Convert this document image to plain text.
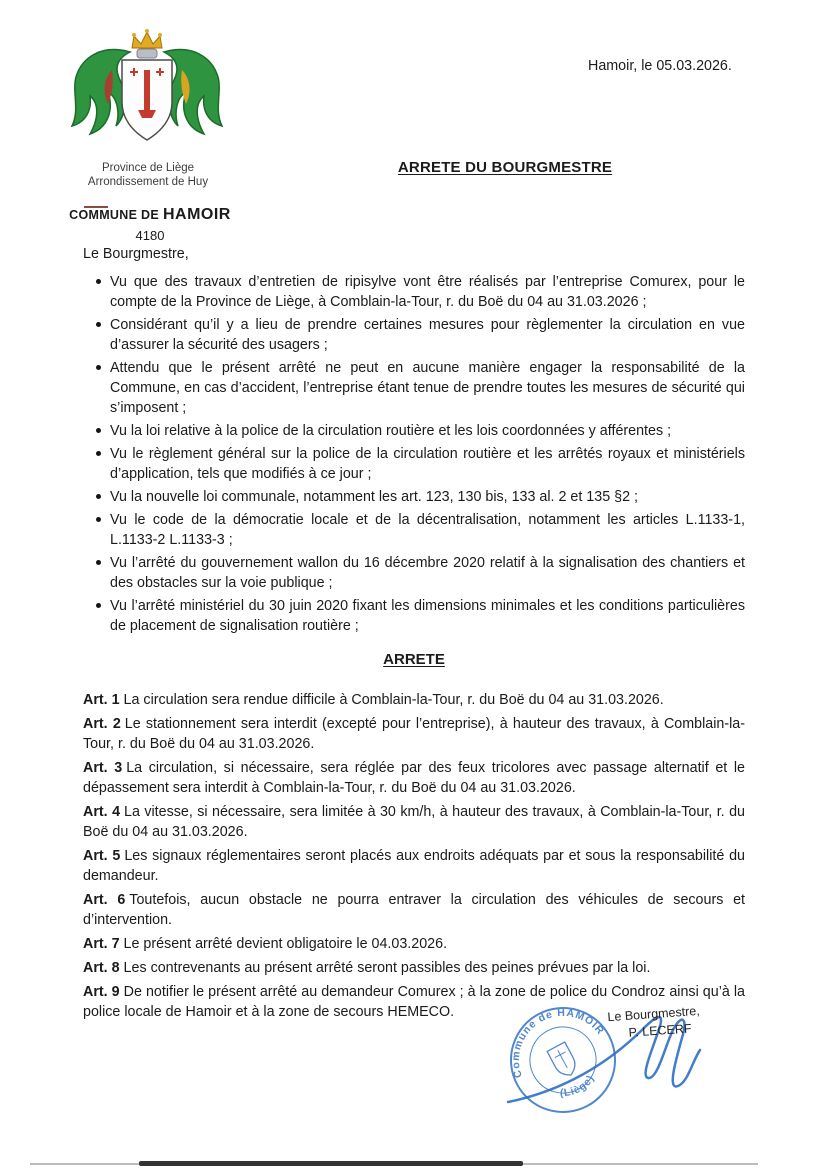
Province de Liège
Arrondissement de Huy
COMMUNE DE HAMOIR
4180
Hamoir, le 05.03.2026.
ARRETE DU BOURGMESTRE

Le Bourgmestre,

Vu que des travaux d’entretien de ripisylve vont être réalisés par l’entreprise Comurex, pour le compte de la Province de Liège, à Comblain-la-Tour, r. du Boë du 04 au 31.03.2026 ;
Considérant qu’il y a lieu de prendre certaines mesures pour règlementer la circulation en vue d’assurer la sécurité des usagers ;
Attendu que le présent arrêté ne peut en aucune manière engager la responsabilité de la Commune, en cas d’accident, l’entreprise étant tenue de prendre toutes les mesures de sécurité qui s’imposent ;
Vu la loi relative à la police de la circulation routière et les lois coordonnées y afférentes ;
Vu le règlement général sur la police de la circulation routière et les arrêtés royaux et ministériels d’application, tels que modifiés à ce jour ;
Vu la nouvelle loi communale, notamment les art. 123, 130 bis, 133 al. 2 et 135 §2 ;
Vu le code de la démocratie locale et de la décentralisation, notamment les articles L.1133-1, L.1133-2 L.1133-3 ;
Vu l’arrêté du gouvernement wallon du 16 décembre 2020 relatif à la signalisation des chantiers et des obstacles sur la voie publique ;
Vu l’arrêté ministériel du 30 juin 2020 fixant les dimensions minimales et les conditions particulières de placement de signalisation routière ;
ARRETE

Art. 1 La circulation sera rendue difficile à Comblain-la-Tour, r. du Boë du 04 au 31.03.2026.

Art. 2 Le stationnement sera interdit (excepté pour l’entreprise), à hauteur des travaux, à Comblain-la-Tour, r. du Boë du 04 au 31.03.2026.

Art. 3 La circulation, si nécessaire, sera réglée par des feux tricolores avec passage alternatif et le dépassement sera interdit à Comblain-la-Tour, r. du Boë du 04 au 31.03.2026.

Art. 4 La vitesse, si nécessaire, sera limitée à 30 km/h, à hauteur des travaux, à Comblain-la-Tour, r. du Boë du 04 au 31.03.2026.

Art. 5 Les signaux réglementaires seront placés aux endroits adéquats par et sous la responsabilité du demandeur.

Art. 6 Toutefois, aucun obstacle ne pourra entraver la circulation des véhicules de secours et d’intervention.

Art. 7 Le présent arrêté devient obligatoire le 04.03.2026.

Art. 8 Les contrevenants au présent arrêté seront passibles des peines prévues par la loi.

Art. 9 De notifier le présent arrêté au demandeur Comurex ; à la zone de police du Condroz ainsi qu’à la police locale de Hamoir et à la zone de secours HEMECO.

Commune de HAMOIR
(Liège)
Le Bourgmestre,
P. LECERF
